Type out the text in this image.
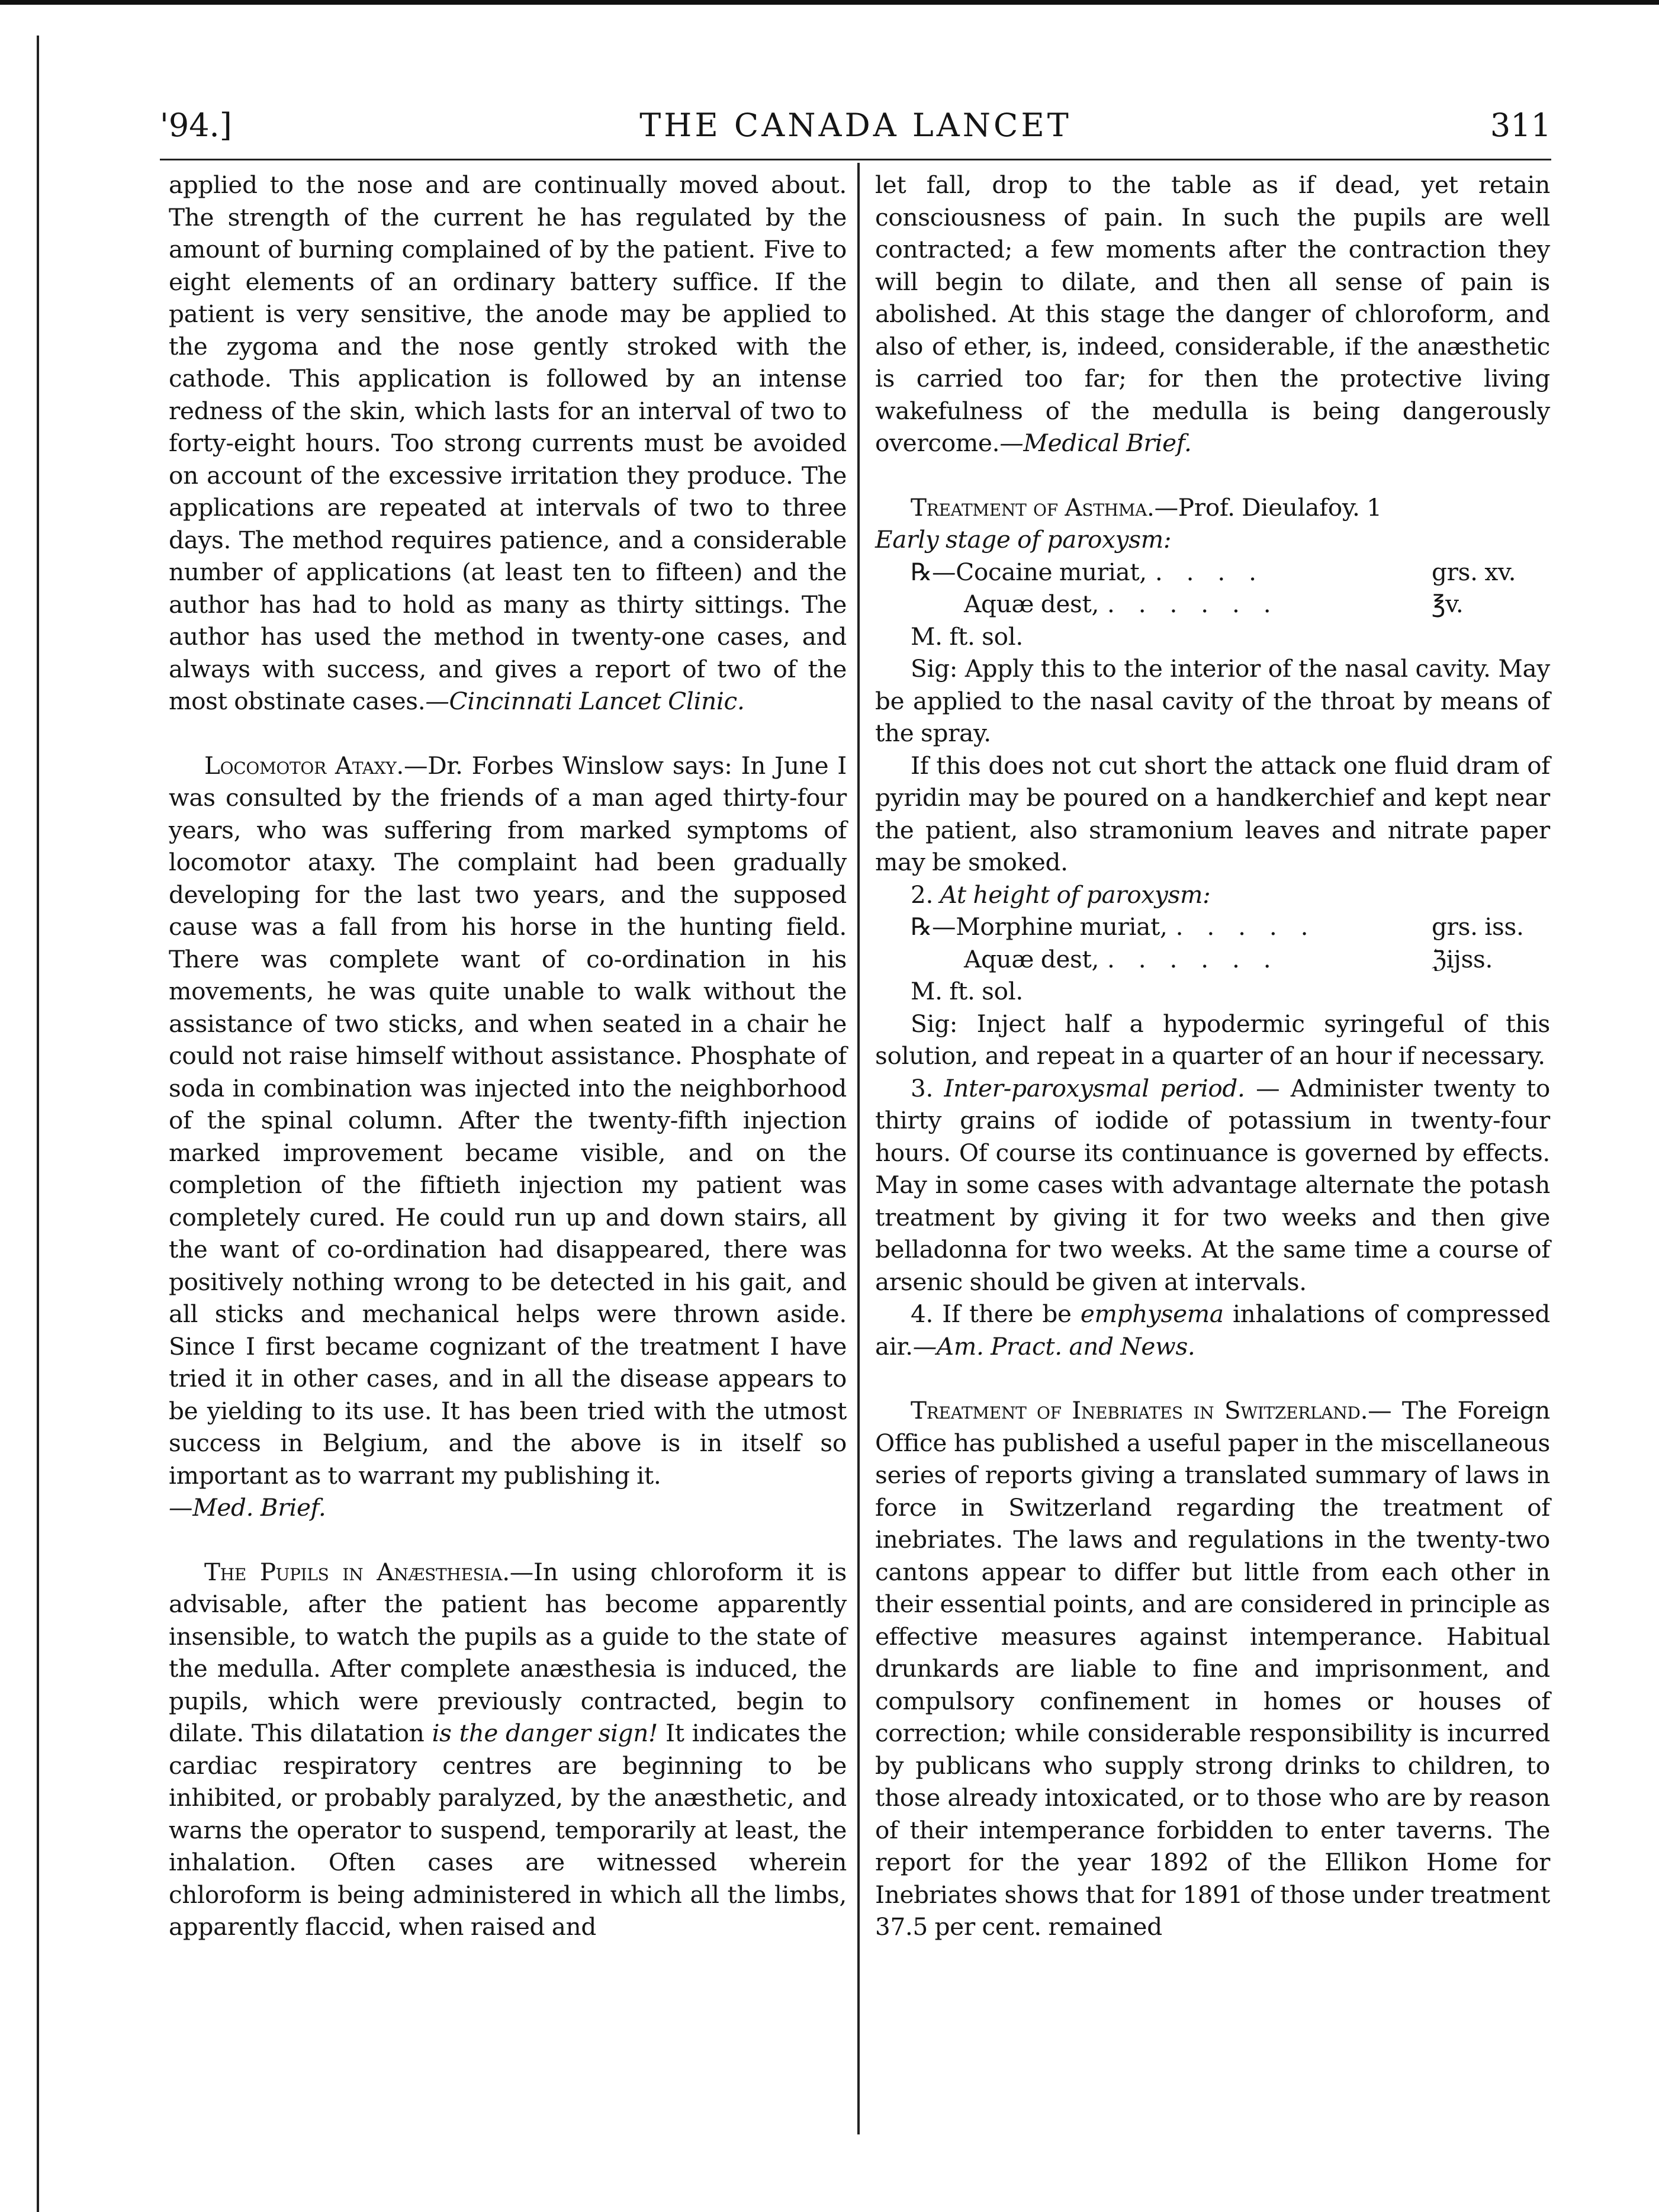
'94.]	THE CANADA LANCET	311

applied to the nose and are continually moved about. The strength of the current he has regulated by the amount of burning complained of by the patient. Five to eight elements of an ordinary battery suffice. If the patient is very sensitive, the anode may be applied to the zygoma and the nose gently stroked with the cathode. This application is followed by an intense redness of the skin, which lasts for an interval of two to forty-eight hours. Too strong currents must be avoided on account of the excessive irritation they produce. The applications are repeated at intervals of two to three days. The method requires patience, and a considerable number of applications (at least ten to fifteen) and the author has had to hold as many as thirty sittings. The author has used the method in twenty-one cases, and always with success, and gives a report of two of the most obstinate cases.—Cincinnati Lancet Clinic.

Locomotor Ataxy.—Dr. Forbes Winslow says: In June I was consulted by the friends of a man aged thirty-four years, who was suffering from marked symptoms of locomotor ataxy. The complaint had been gradually developing for the last two years, and the supposed cause was a fall from his horse in the hunting field. There was complete want of co-ordination in his movements, he was quite unable to walk without the assistance of two sticks, and when seated in a chair he could not raise himself without assistance. Phosphate of soda in combination was injected into the neighborhood of the spinal column. After the twenty-fifth injection marked improvement became visible, and on the completion of the fiftieth injection my patient was completely cured. He could run up and down stairs, all the want of co-ordination had disappeared, there was positively nothing wrong to be detected in his gait, and all sticks and mechanical helps were thrown aside. Since I first became cognizant of the treatment I have tried it in other cases, and in all the disease appears to be yielding to its use. It has been tried with the utmost success in Belgium, and the above is in itself so important as to warrant my publishing it.

—Med. Brief.

The Pupils in Anæsthesia.—In using chloroform it is advisable, after the patient has become apparently insensible, to watch the pupils as a guide to the state of the medulla. After complete anæsthesia is induced, the pupils, which were previously contracted, begin to dilate. This dilatation is the danger sign! It indicates the cardiac respiratory centres are beginning to be inhibited, or probably paralyzed, by the anæsthetic, and warns the operator to suspend, temporarily at least, the inhalation. Often cases are witnessed wherein chloroform is being administered in which all the limbs, apparently flaccid, when raised and

let fall, drop to the table as if dead, yet retain consciousness of pain. In such the pupils are well contracted; a few moments after the contraction they will begin to dilate, and then all sense of pain is abolished. At this stage the danger of chloroform, and also of ether, is, indeed, considerable, if the anæsthetic is carried too far; for then the protective living wakefulness of the medulla is being dangerously overcome.—Medical Brief.

Treatment of Asthma.—Prof. Dieulafoy. 1

Early stage of paroxysm:

℞—Cocaine muriat, . . . .	grs. xv.
Aquæ dest, . . . . . .	℥v.

M. ft. sol.

Sig: Apply this to the interior of the nasal cavity. May be applied to the nasal cavity of the throat by means of the spray.

If this does not cut short the attack one fluid dram of pyridin may be poured on a handkerchief and kept near the patient, also stramonium leaves and nitrate paper may be smoked.

2. At height of paroxysm:

℞—Morphine muriat, . . . . .	grs. iss.
Aquæ dest, . . . . . .	ℨijss.

M. ft. sol.

Sig: Inject half a hypodermic syringeful of this solution, and repeat in a quarter of an hour if necessary.

3. Inter-paroxysmal period. — Administer twenty to thirty grains of iodide of potassium in twenty-four hours. Of course its continuance is governed by effects. May in some cases with advantage alternate the potash treatment by giving it for two weeks and then give belladonna for two weeks. At the same time a course of arsenic should be given at intervals.

4. If there be emphysema inhalations of compressed air.—Am. Pract. and News.

Treatment of Inebriates in Switzerland.— The Foreign Office has published a useful paper in the miscellaneous series of reports giving a translated summary of laws in force in Switzerland regarding the treatment of inebriates. The laws and regulations in the twenty-two cantons appear to differ but little from each other in their essential points, and are considered in principle as effective measures against intemperance. Habitual drunkards are liable to fine and imprisonment, and compulsory confinement in homes or houses of correction; while considerable responsibility is incurred by publicans who supply strong drinks to children, to those already intoxicated, or to those who are by reason of their intemperance forbidden to enter taverns. The report for the year 1892 of the Ellikon Home for Inebriates shows that for 1891 of those under treatment 37.5 per cent. remained
